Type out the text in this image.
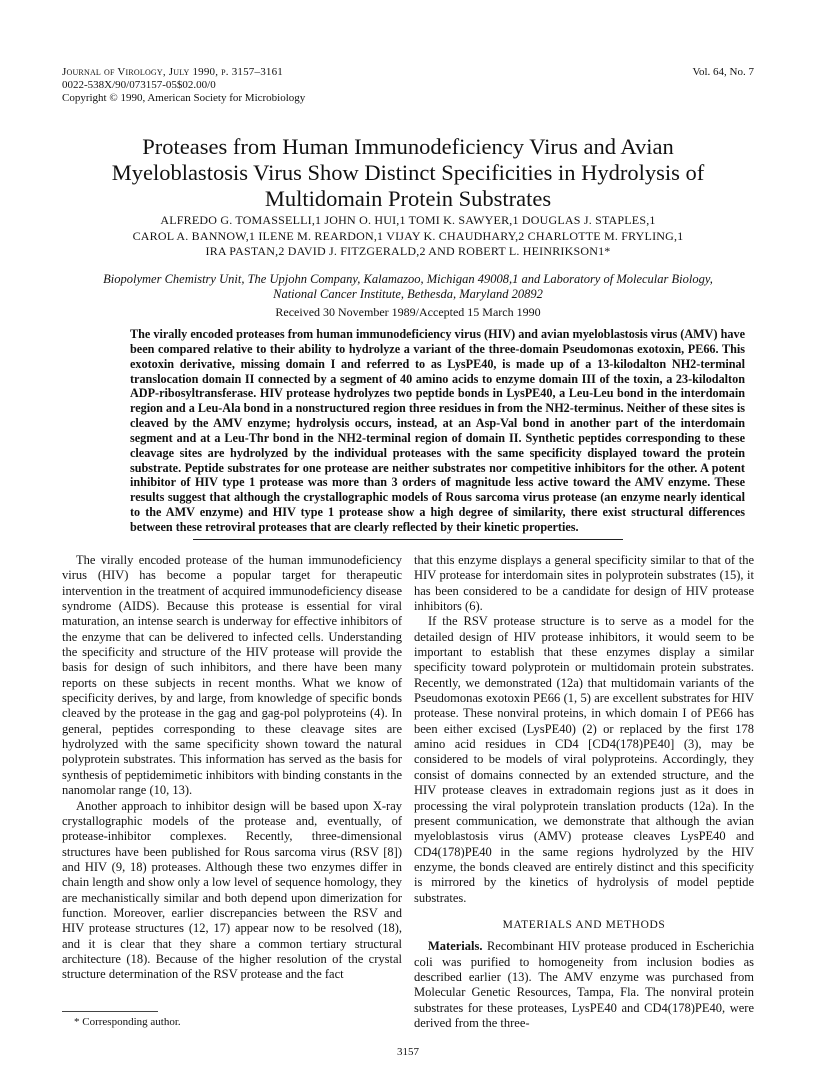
Journal of Virology, July 1990, p. 3157–3161
0022-538X/90/073157-05$02.00/0
Copyright © 1990, American Society for Microbiology
Vol. 64, No. 7
Proteases from Human Immunodeficiency Virus and Avian Myeloblastosis Virus Show Distinct Specificities in Hydrolysis of Multidomain Protein Substrates
ALFREDO G. TOMASSELLI,1 JOHN O. HUI,1 TOMI K. SAWYER,1 DOUGLAS J. STAPLES,1
CAROL A. BANNOW,1 ILENE M. REARDON,1 VIJAY K. CHAUDHARY,2 CHARLOTTE M. FRYLING,1
IRA PASTAN,2 DAVID J. FITZGERALD,2 AND ROBERT L. HEINRIKSON1*
Biopolymer Chemistry Unit, The Upjohn Company, Kalamazoo, Michigan 49008,1 and Laboratory of Molecular Biology,
National Cancer Institute, Bethesda, Maryland 20892
Received 30 November 1989/Accepted 15 March 1990
The virally encoded proteases from human immunodeficiency virus (HIV) and avian myeloblastosis virus (AMV) have been compared relative to their ability to hydrolyze a variant of the three-domain Pseudomonas exotoxin, PE66. This exotoxin derivative, missing domain I and referred to as LysPE40, is made up of a 13-kilodalton NH2-terminal translocation domain II connected by a segment of 40 amino acids to enzyme domain III of the toxin, a 23-kilodalton ADP-ribosyltransferase. HIV protease hydrolyzes two peptide bonds in LysPE40, a Leu-Leu bond in the interdomain region and a Leu-Ala bond in a nonstructured region three residues in from the NH2-terminus. Neither of these sites is cleaved by the AMV enzyme; hydrolysis occurs, instead, at an Asp-Val bond in another part of the interdomain segment and at a Leu-Thr bond in the NH2-terminal region of domain II. Synthetic peptides corresponding to these cleavage sites are hydrolyzed by the individual proteases with the same specificity displayed toward the protein substrate. Peptide substrates for one protease are neither substrates nor competitive inhibitors for the other. A potent inhibitor of HIV type 1 protease was more than 3 orders of magnitude less active toward the AMV enzyme. These results suggest that although the crystallographic models of Rous sarcoma virus protease (an enzyme nearly identical to the AMV enzyme) and HIV type 1 protease show a high degree of similarity, there exist structural differences between these retroviral proteases that are clearly reflected by their kinetic properties.

The virally encoded protease of the human immunodeficiency virus (HIV) has become a popular target for therapeutic intervention in the treatment of acquired immunodeficiency disease syndrome (AIDS). Because this protease is essential for viral maturation, an intense search is underway for effective inhibitors of the enzyme that can be delivered to infected cells. Understanding the specificity and structure of the HIV protease will provide the basis for design of such inhibitors, and there have been many reports on these subjects in recent months. What we know of specificity derives, by and large, from knowledge of specific bonds cleaved by the protease in the gag and gag-pol polyproteins (4). In general, peptides corresponding to these cleavage sites are hydrolyzed with the same specificity shown toward the natural polyprotein substrates. This information has served as the basis for synthesis of peptidemimetic inhibitors with binding constants in the nanomolar range (10, 13).

Another approach to inhibitor design will be based upon X-ray crystallographic models of the protease and, eventually, of protease-inhibitor complexes. Recently, three-dimensional structures have been published for Rous sarcoma virus (RSV [8]) and HIV (9, 18) proteases. Although these two enzymes differ in chain length and show only a low level of sequence homology, they are mechanistically similar and both depend upon dimerization for function. Moreover, earlier discrepancies between the RSV and HIV protease structures (12, 17) appear now to be resolved (18), and it is clear that they share a common tertiary structural architecture (18). Because of the higher resolution of the crystal structure determination of the RSV protease and the fact

that this enzyme displays a general specificity similar to that of the HIV protease for interdomain sites in polyprotein substrates (15), it has been considered to be a candidate for design of HIV protease inhibitors (6).

If the RSV protease structure is to serve as a model for the detailed design of HIV protease inhibitors, it would seem to be important to establish that these enzymes display a similar specificity toward polyprotein or multidomain protein substrates. Recently, we demonstrated (12a) that multidomain variants of the Pseudomonas exotoxin PE66 (1, 5) are excellent substrates for HIV protease. These nonviral proteins, in which domain I of PE66 has been either excised (LysPE40) (2) or replaced by the first 178 amino acid residues in CD4 [CD4(178)PE40] (3), may be considered to be models of viral polyproteins. Accordingly, they consist of domains connected by an extended structure, and the HIV protease cleaves in extradomain regions just as it does in processing the viral polyprotein translation products (12a). In the present communication, we demonstrate that although the avian myeloblastosis virus (AMV) protease cleaves LysPE40 and CD4(178)PE40 in the same regions hydrolyzed by the HIV enzyme, the bonds cleaved are entirely distinct and this specificity is mirrored by the kinetics of hydrolysis of model peptide substrates.

MATERIALS AND METHODS

Materials. Recombinant HIV protease produced in Escherichia coli was purified to homogeneity from inclusion bodies as described earlier (13). The AMV enzyme was purchased from Molecular Genetic Resources, Tampa, Fla. The nonviral protein substrates for these proteases, LysPE40 and CD4(178)PE40, were derived from the three-

* Corresponding author.
3157
